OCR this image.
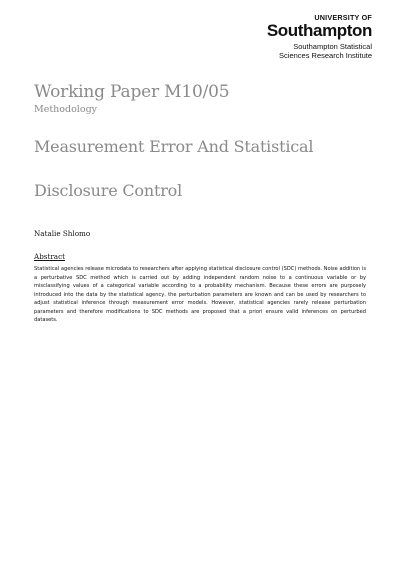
UNIVERSITY OF
Southampton
Southampton Statistical
Sciences Research Institute
Working Paper M10/05
Methodology
Measurement Error And Statistical
Disclosure Control
Natalie Shlomo
Abstract
Statistical agencies release microdata to researchers after applying statistical disclosure control (SDC) methods. Noise addition is a perturbative SDC method which is carried out by adding independent random noise to a continuous variable or by misclassifying values of a categorical variable according to a probability mechanism. Because these errors are purposely introduced into the data by the statistical agency, the perturbation parameters are known and can be used by researchers to adjust statistical inference through measurement error models. However, statistical agencies rarely release perturbation parameters and therefore modifications to SDC methods are proposed that a priori ensure valid inferences on perturbed datasets.
